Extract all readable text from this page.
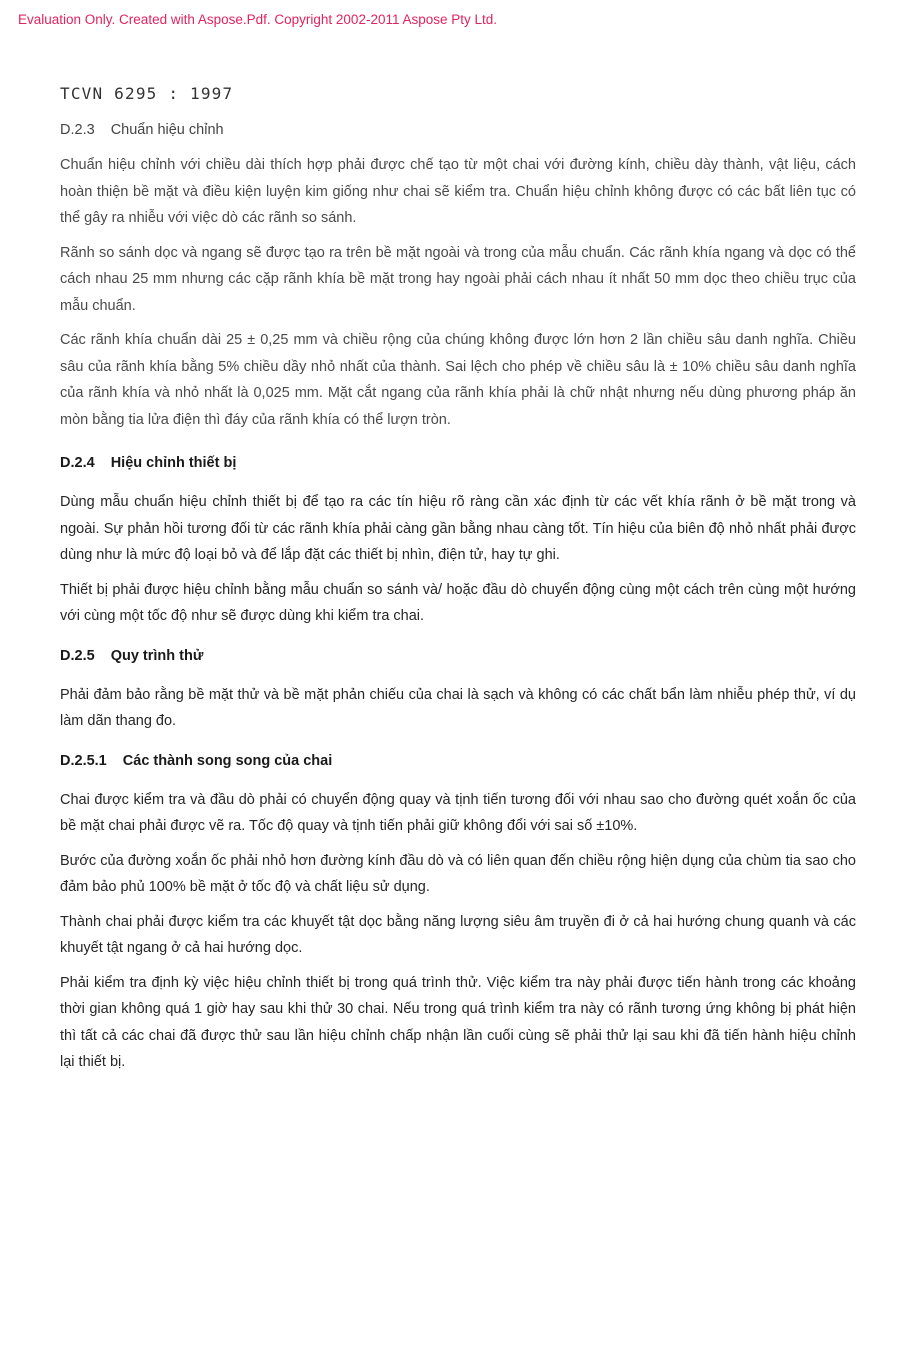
Evaluation Only. Created with Aspose.Pdf. Copyright 2002-2011 Aspose Pty Ltd.
TCVN 6295 : 1997
D.2.3 Chuẩn hiệu chỉnh

Chuẩn hiệu chỉnh với chiều dài thích hợp phải được chế tạo từ một chai với đường kính, chiều dày thành, vật liệu, cách hoàn thiện bề mặt và điều kiện luyện kim giống như chai sẽ kiểm tra. Chuẩn hiệu chỉnh không được có các bất liên tục có thể gây ra nhiễu với việc dò các rãnh so sánh.

Rãnh so sánh dọc và ngang sẽ được tạo ra trên bề mặt ngoài và trong của mẫu chuẩn. Các rãnh khía ngang và dọc có thể cách nhau 25 mm nhưng các cặp rãnh khía bề mặt trong hay ngoài phải cách nhau ít nhất 50 mm dọc theo chiều trục của mẫu chuẩn.

Các rãnh khía chuẩn dài 25 ± 0,25 mm và chiều rộng của chúng không được lớn hơn 2 lần chiều sâu danh nghĩa. Chiều sâu của rãnh khía bằng 5% chiều dầy nhỏ nhất của thành. Sai lệch cho phép về chiều sâu là ± 10% chiều sâu danh nghĩa của rãnh khía và nhỏ nhất là 0,025 mm. Mặt cắt ngang của rãnh khía phải là chữ nhật nhưng nếu dùng phương pháp ăn mòn bằng tia lửa điện thì đáy của rãnh khía có thể lượn tròn.

D.2.4 Hiệu chỉnh thiết bị

Dùng mẫu chuẩn hiệu chỉnh thiết bị để tạo ra các tín hiệu rõ ràng cần xác định từ các vết khía rãnh ở bề mặt trong và ngoài. Sự phản hồi tương đối từ các rãnh khía phải càng gần bằng nhau càng tốt. Tín hiệu của biên độ nhỏ nhất phải được dùng như là mức độ loại bỏ và để lắp đặt các thiết bị nhìn, điện tử, hay tự ghi.

Thiết bị phải được hiệu chỉnh bằng mẫu chuẩn so sánh và/ hoặc đầu dò chuyển động cùng một cách trên cùng một hướng với cùng một tốc độ như sẽ được dùng khi kiểm tra chai.

D.2.5 Quy trình thử

Phải đảm bảo rằng bề mặt thử và bề mặt phản chiếu của chai là sạch và không có các chất bẩn làm nhiễu phép thử, ví dụ làm dãn thang đo.

D.2.5.1 Các thành song song của chai

Chai được kiểm tra và đầu dò phải có chuyển động quay và tịnh tiến tương đối với nhau sao cho đường quét xoắn ốc của bề mặt chai phải được vẽ ra. Tốc độ quay và tịnh tiến phải giữ không đổi với sai số ±10%.

Bước của đường xoắn ốc phải nhỏ hơn đường kính đầu dò và có liên quan đến chiều rộng hiện dụng của chùm tia sao cho đảm bảo phủ 100% bề mặt ở tốc độ và chất liệu sử dụng.

Thành chai phải được kiểm tra các khuyết tật dọc bằng năng lượng siêu âm truyền đi ở cả hai hướng chung quanh và các khuyết tật ngang ở cả hai hướng dọc.

Phải kiểm tra định kỳ việc hiệu chỉnh thiết bị trong quá trình thử. Việc kiểm tra này phải được tiến hành trong các khoảng thời gian không quá 1 giờ hay sau khi thử 30 chai. Nếu trong quá trình kiểm tra này có rãnh tương ứng không bị phát hiện thì tất cả các chai đã được thử sau lần hiệu chỉnh chấp nhận lần cuối cùng sẽ phải thử lại sau khi đã tiến hành hiệu chỉnh lại thiết bị.
